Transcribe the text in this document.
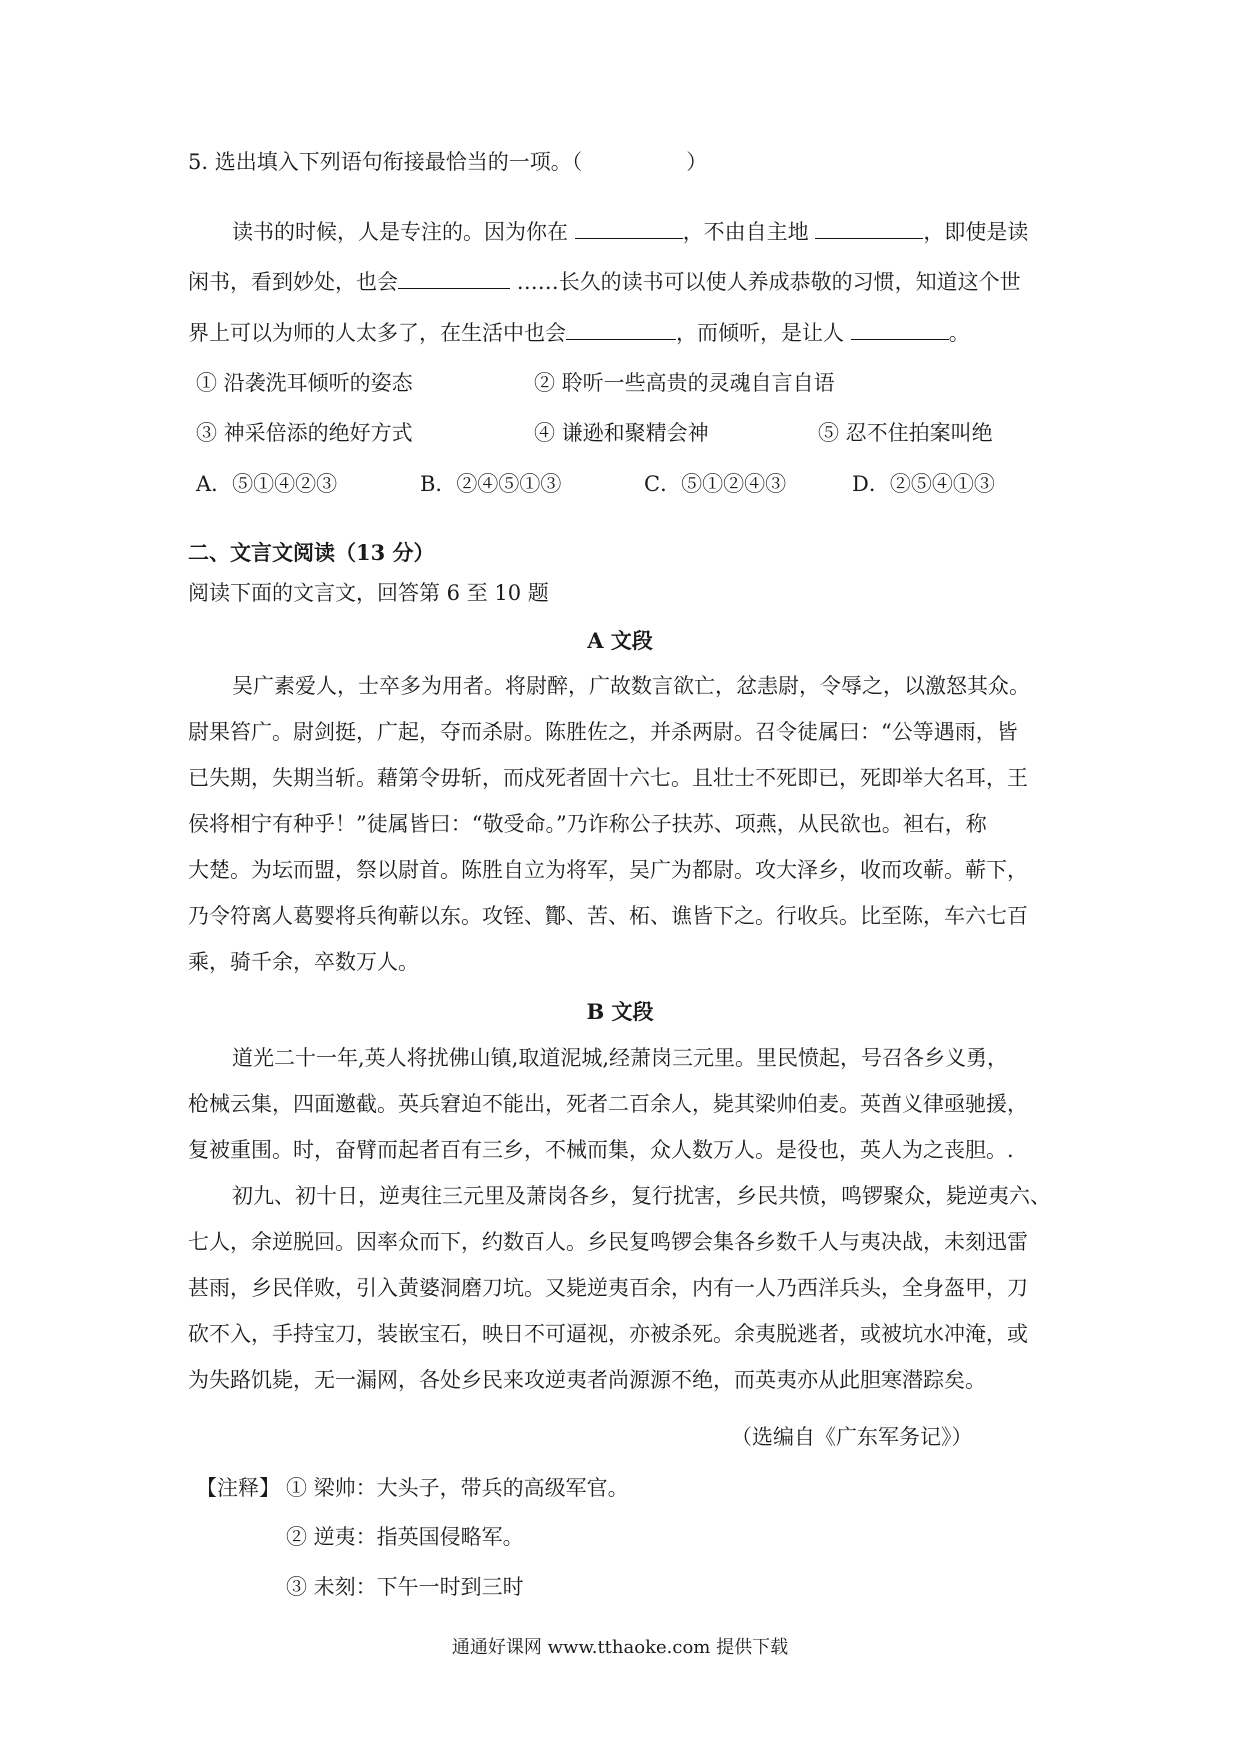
5. 选出填入下列语句衔接最恰当的一项。（	）
读书的时候，人是专注的。因为你在	，不由自主地	，即使是读
闲书，看到妙处，也会	……长久的读书可以使人养成恭敬的习惯，知道这个世
界上可以为师的人太多了，在生活中也会	，而倾听，是让人	。
① 沿袭洗耳倾听的姿态	② 聆听一些高贵的灵魂自言自语
③ 神采倍添的绝好方式	④ 谦逊和聚精会神	⑤ 忍不住拍案叫绝
A．⑤①④②③	B．②④⑤①③	C．⑤①②④③	D．②⑤④①③
二、文言文阅读（13 分）
阅读下面的文言文，回答第 6 至 10 题
A 文段
吴广素爱人，士卒多为用者。将尉醉，广故数言欲亡，忿恚尉，令辱之，以激怒其众。
尉果笞广。尉剑挺，广起，夺而杀尉。陈胜佐之，并杀两尉。召令徒属曰：“公等遇雨，皆
已失期，失期当斩。藉第令毋斩，而戍死者固十六七。且壮士不死即已，死即举大名耳，王
侯将相宁有种乎！”徒属皆曰：“敬受命。”乃诈称公子扶苏、项燕，从民欲也。袒右，称
大楚。为坛而盟，祭以尉首。陈胜自立为将军，吴广为都尉。攻大泽乡，收而攻蕲。蕲下，
乃令符离人葛婴将兵徇蕲以东。攻铚、酇、苦、柘、谯皆下之。行收兵。比至陈，车六七百
乘，骑千余，卒数万人。
B 文段
道光二十一年,英人将扰佛山镇,取道泥城,经萧岗三元里。里民愤起，号召各乡义勇，
枪械云集，四面邀截。英兵窘迫不能出，死者二百余人，毙其梁帅伯麦。英酋义律亟驰援，
复被重围。时，奋臂而起者百有三乡，不械而集，众人数万人。是役也，英人为之丧胆。.
初九、初十日，逆夷往三元里及萧岗各乡，复行扰害，乡民共愤，鸣锣聚众，毙逆夷六、
七人，余逆脱回。因率众而下，约数百人。乡民复鸣锣会集各乡数千人与夷决战，未刻迅雷
甚雨，乡民佯败，引入黄婆洞磨刀坑。又毙逆夷百余，内有一人乃西洋兵头，全身盔甲，刀
砍不入，手持宝刀，装嵌宝石，映日不可逼视，亦被杀死。余夷脱逃者，或被坑水冲淹，或
为失路饥毙，无一漏网，各处乡民来攻逆夷者尚源源不绝，而英夷亦从此胆寒潜踪矣。
（选编自《广东军务记》）
【注释】 ① 梁帅：大头子，带兵的高级军官。
② 逆夷：指英国侵略军。
③ 未刻：下午一时到三时
通通好课网 www.tthaoke.com 提供下载
